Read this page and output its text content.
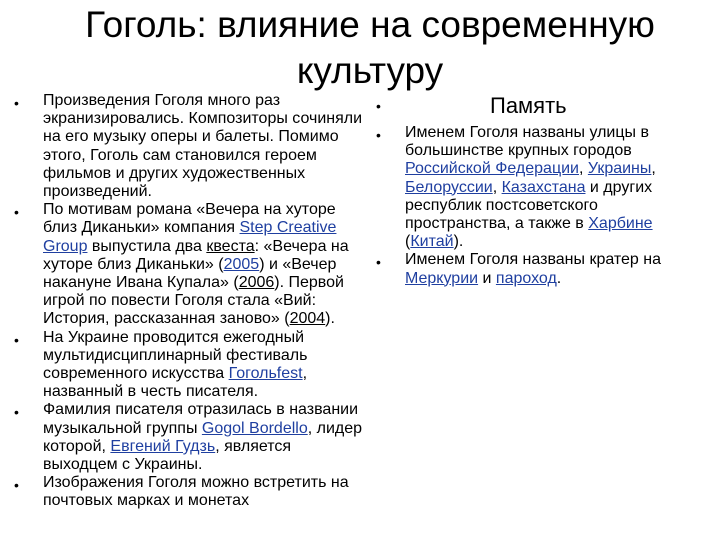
Гоголь: влияние на современную культуру
• Произведения Гоголя много раз экранизировались. Композиторы сочиняли на его музыку оперы и балеты. Помимо этого, Гоголь сам становился героем фильмов и других художественных произведений.
• По мотивам романа «Вечера на хуторе близ Диканьки» компания Step Creative Group выпустила два квеста: «Вечера на хуторе близ Диканьки» (2005) и «Вечер накануне Ивана Купала» (2006). Первой игрой по повести Гоголя стала «Вий: История, рассказанная заново» (2004).
• На Украине проводится ежегодный мультидисциплинарный фестиваль современного искусства Гогольfest, названный в честь писателя.
• Фамилия писателя отразилась в названии музыкальной группы Gogol Bordello, лидер которой, Евгений Гудзь, является выходцем с Украины.
• Изображения Гоголя можно встретить на почтовых марках и монетах
•	Память
• Именем Гоголя названы улицы в большинстве крупных городов Российской Федерации, Украины, Белоруссии, Казахстана и других республик постсоветского пространства, а также в Харбине (Китай).
• Именем Гоголя названы кратер на Меркурии и пароход.
